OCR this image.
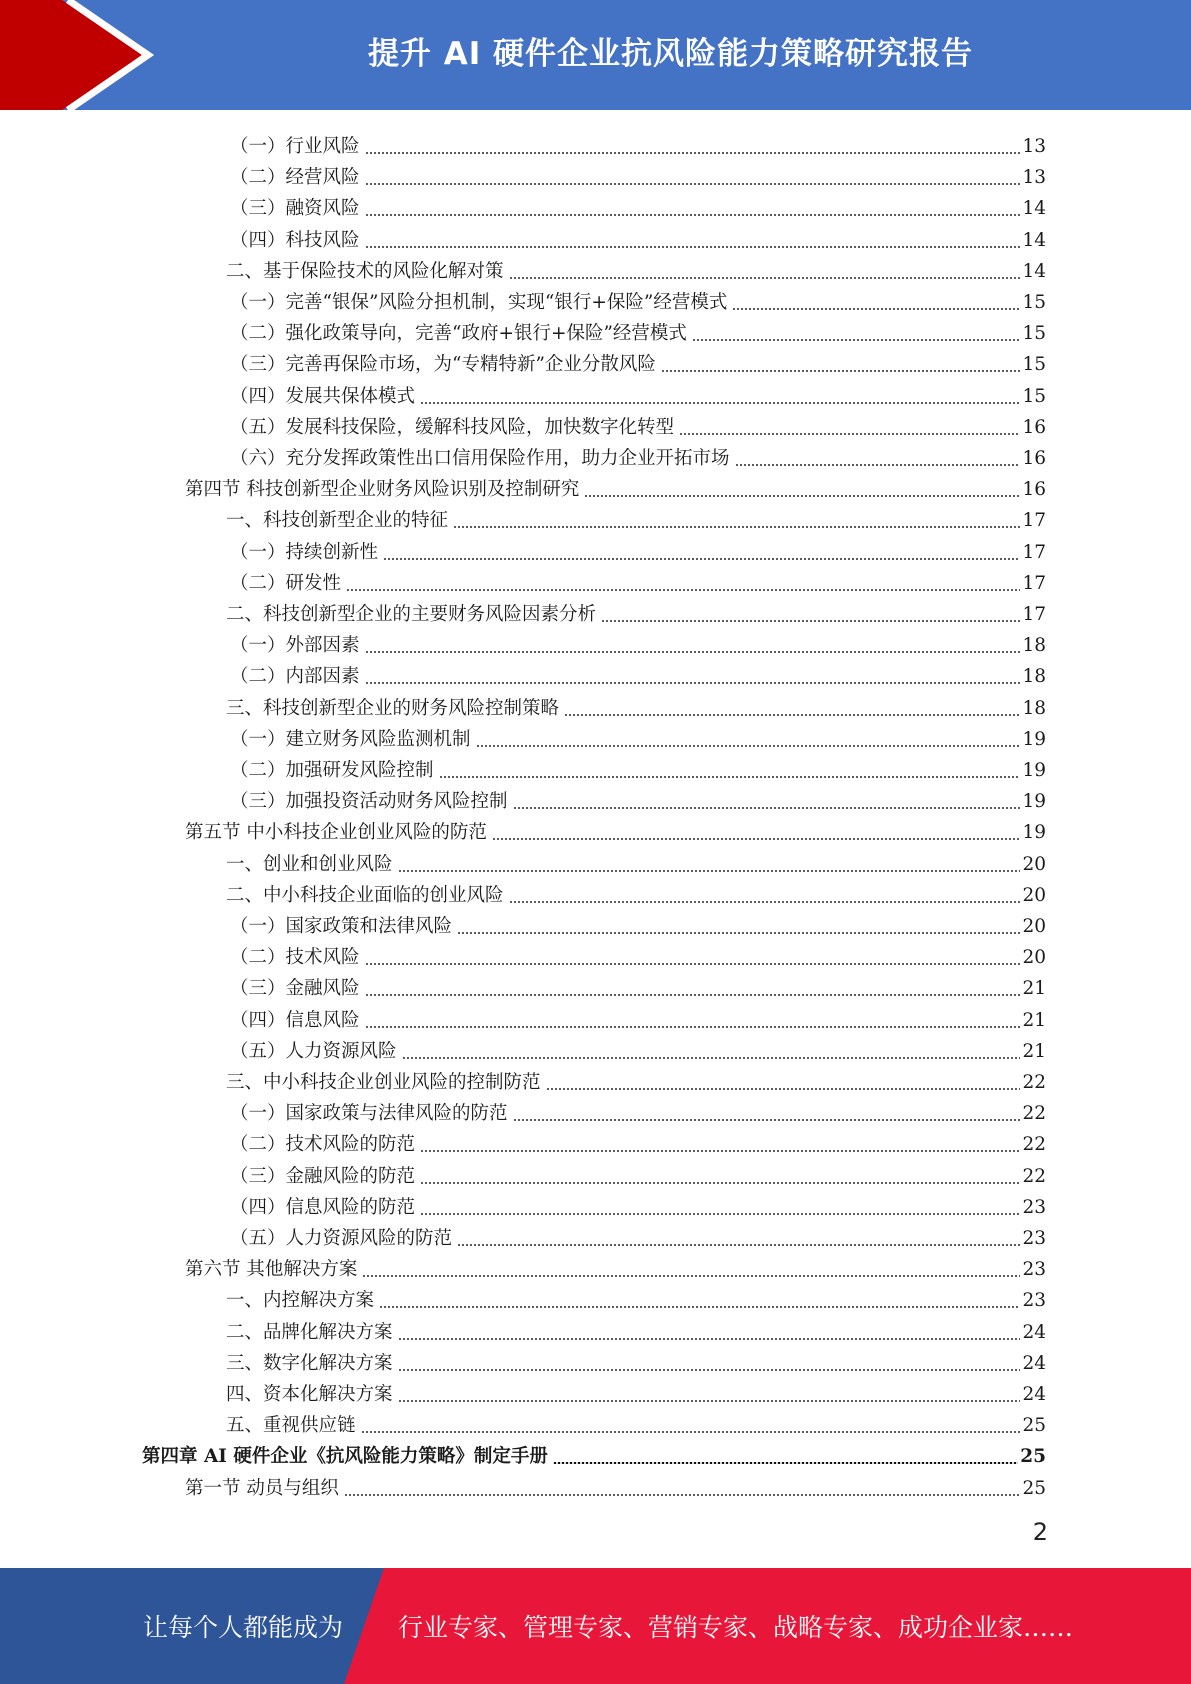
提升 AI 硬件企业抗风险能力策略研究报告
（一）行业风险	13
（二）经营风险	13
（三）融资风险	14
（四）科技风险	14
二、基于保险技术的风险化解对策	14
（一）完善“银保”风险分担机制，实现“银行+保险”经营模式	15
（二）强化政策导向，完善“政府+银行+保险”经营模式	15
（三）完善再保险市场，为“专精特新”企业分散风险	15
（四）发展共保体模式	15
（五）发展科技保险，缓解科技风险，加快数字化转型	16
（六）充分发挥政策性出口信用保险作用，助力企业开拓市场	16
第四节 科技创新型企业财务风险识别及控制研究	16
一、科技创新型企业的特征	17
（一）持续创新性	17
（二）研发性	17
二、科技创新型企业的主要财务风险因素分析	17
（一）外部因素	18
（二）内部因素	18
三、科技创新型企业的财务风险控制策略	18
（一）建立财务风险监测机制	19
（二）加强研发风险控制	19
（三）加强投资活动财务风险控制	19
第五节 中小科技企业创业风险的防范	19
一、创业和创业风险	20
二、中小科技企业面临的创业风险	20
（一）国家政策和法律风险	20
（二）技术风险	20
（三）金融风险	21
（四）信息风险	21
（五）人力资源风险	21
三、中小科技企业创业风险的控制防范	22
（一）国家政策与法律风险的防范	22
（二）技术风险的防范	22
（三）金融风险的防范	22
（四）信息风险的防范	23
（五）人力资源风险的防范	23
第六节 其他解决方案	23
一、内控解决方案	23
二、品牌化解决方案	24
三、数字化解决方案	24
四、资本化解决方案	24
五、重视供应链	25
第四章 AI 硬件企业《抗风险能力策略》制定手册	25
第一节 动员与组织	25
2
让每个人都能成为 行业专家、管理专家、营销专家、战略专家、成功企业家……
